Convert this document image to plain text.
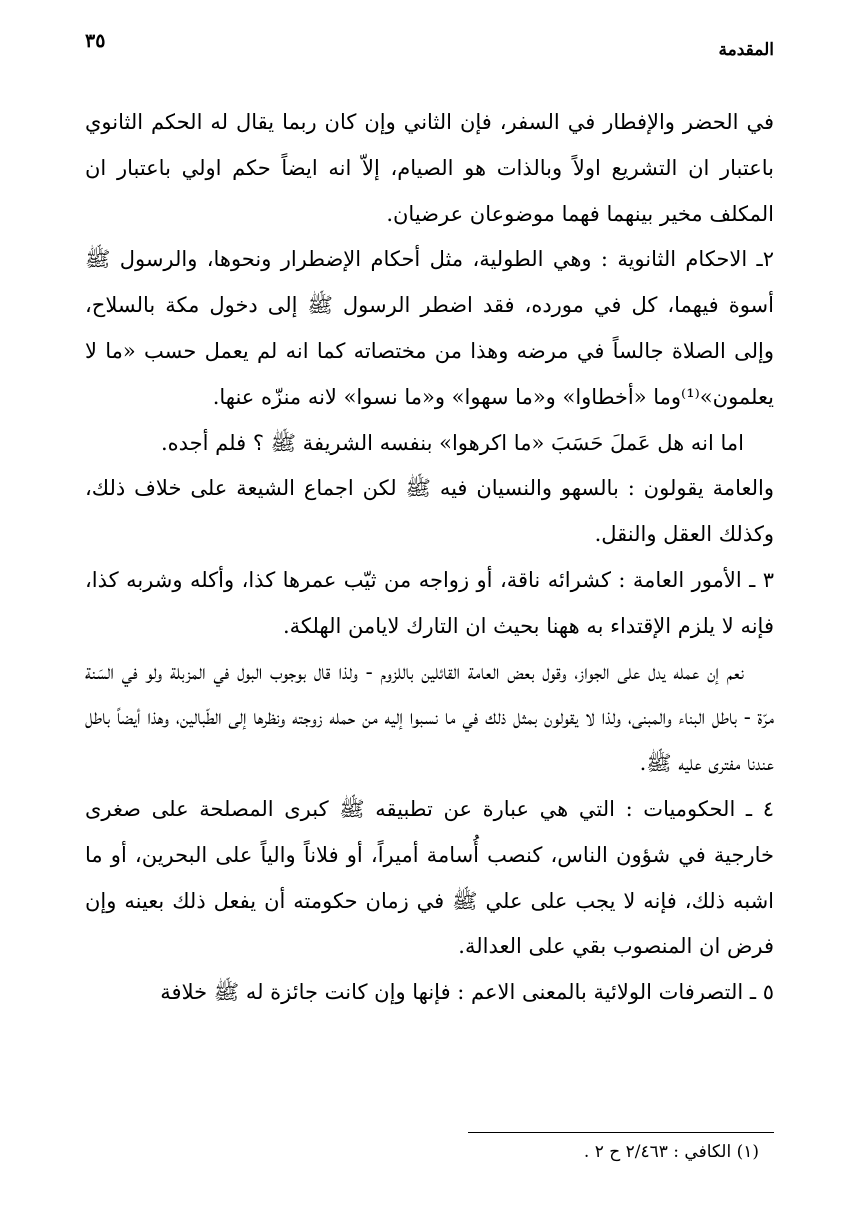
المقدمة
٣٥

في الحضر والإفطار في السفر، فإن الثاني وإن كان ربما يقال له الحكم الثانوي باعتبار ان التشريع اولاً وبالذات هو الصيام، إلاّ انه ايضاً حكم اولي باعتبار ان المكلف مخير بينهما فهما موضوعان عرضيان.

٢ـ الاحكام الثانوية : وهي الطولية، مثل أحكام الإضطرار ونحوها، والرسول ﷺ أسوة فيهما، كل في مورده، فقد اضطر الرسول ﷺ إلى دخول مكة بالسلاح، وإلى الصلاة جالساً في مرضه وهذا من مختصاته كما انه لم يعمل حسب «ما لا يعلمون»⁽¹⁾وما «أخطاوا» و«ما سهوا» و«ما نسوا» لانه منزّه عنها.

اما انه هل عَملَ حَسَبَ «ما اكرهوا» بنفسه الشريفة ﷺ ؟ فلم أجده.

والعامة يقولون : بالسهو والنسيان فيه ﷺ لكن اجماع الشيعة على خلاف ذلك، وكذلك العقل والنقل.

٣ ـ الأمور العامة : كشرائه ناقة، أو زواجه من ثيّب عمرها كذا، وأكله وشربه كذا، فإنه لا يلزم الإقتداء به ههنا بحيث ان التارك لايامن الهلكة.

نعم إن عمله يدل على الجواز، وقول بعض العامة القائلين باللزوم - ولذا قال بوجوب البول في المزبلة ولو في السَنة مرّة - باطل البناء والمبنى، ولذا لا يقولون بمثل ذلك في ما نسبوا إليه من حمله زوجته ونظرها إلى الطّبالين، وهذا أيضاً باطل عندنا مفترى عليه ﷺ.

٤ ـ الحكوميات : التي هي عبارة عن تطبيقه ﷺ كبرى المصلحة على صغرى خارجية في شؤون الناس، كنصب أُسامة أميراً، أو فلاناً والياً على البحرين، أو ما اشبه ذلك، فإنه لا يجب على علي ﷺ في زمان حكومته أن يفعل ذلك بعينه وإن فرض ان المنصوب بقي على العدالة.

٥ ـ التصرفات الولائية بالمعنى الاعم : فإنها وإن كانت جائزة له ﷺ خلافة

(١) الكافي : ٢/٤٦٣ ح ٢ .
